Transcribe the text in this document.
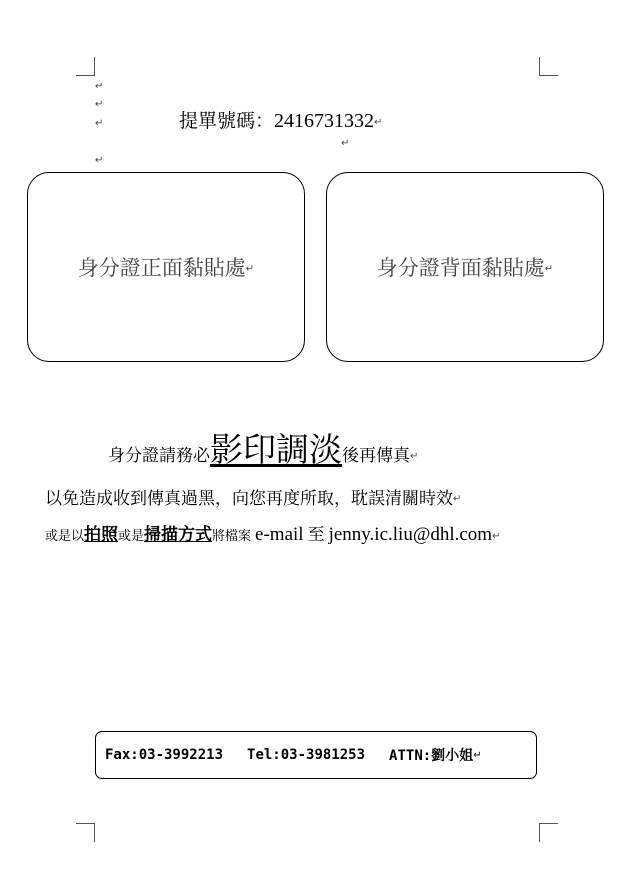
↵
↵
↵
↵
↵
提單號碼：2416731332↵
身分證正面黏貼處↵	身分證背面黏貼處↵
身分證請務必影印調淡後再傳真↵
以免造成收到傳真過黑，向您再度所取，耽誤清關時效↵
或是以拍照或是掃描方式將檔案 e-mail 至 jenny.ic.liu@dhl.com↵
Fax:03-3992213 Tel:03-3981253 ATTN:劉小姐 ↵
